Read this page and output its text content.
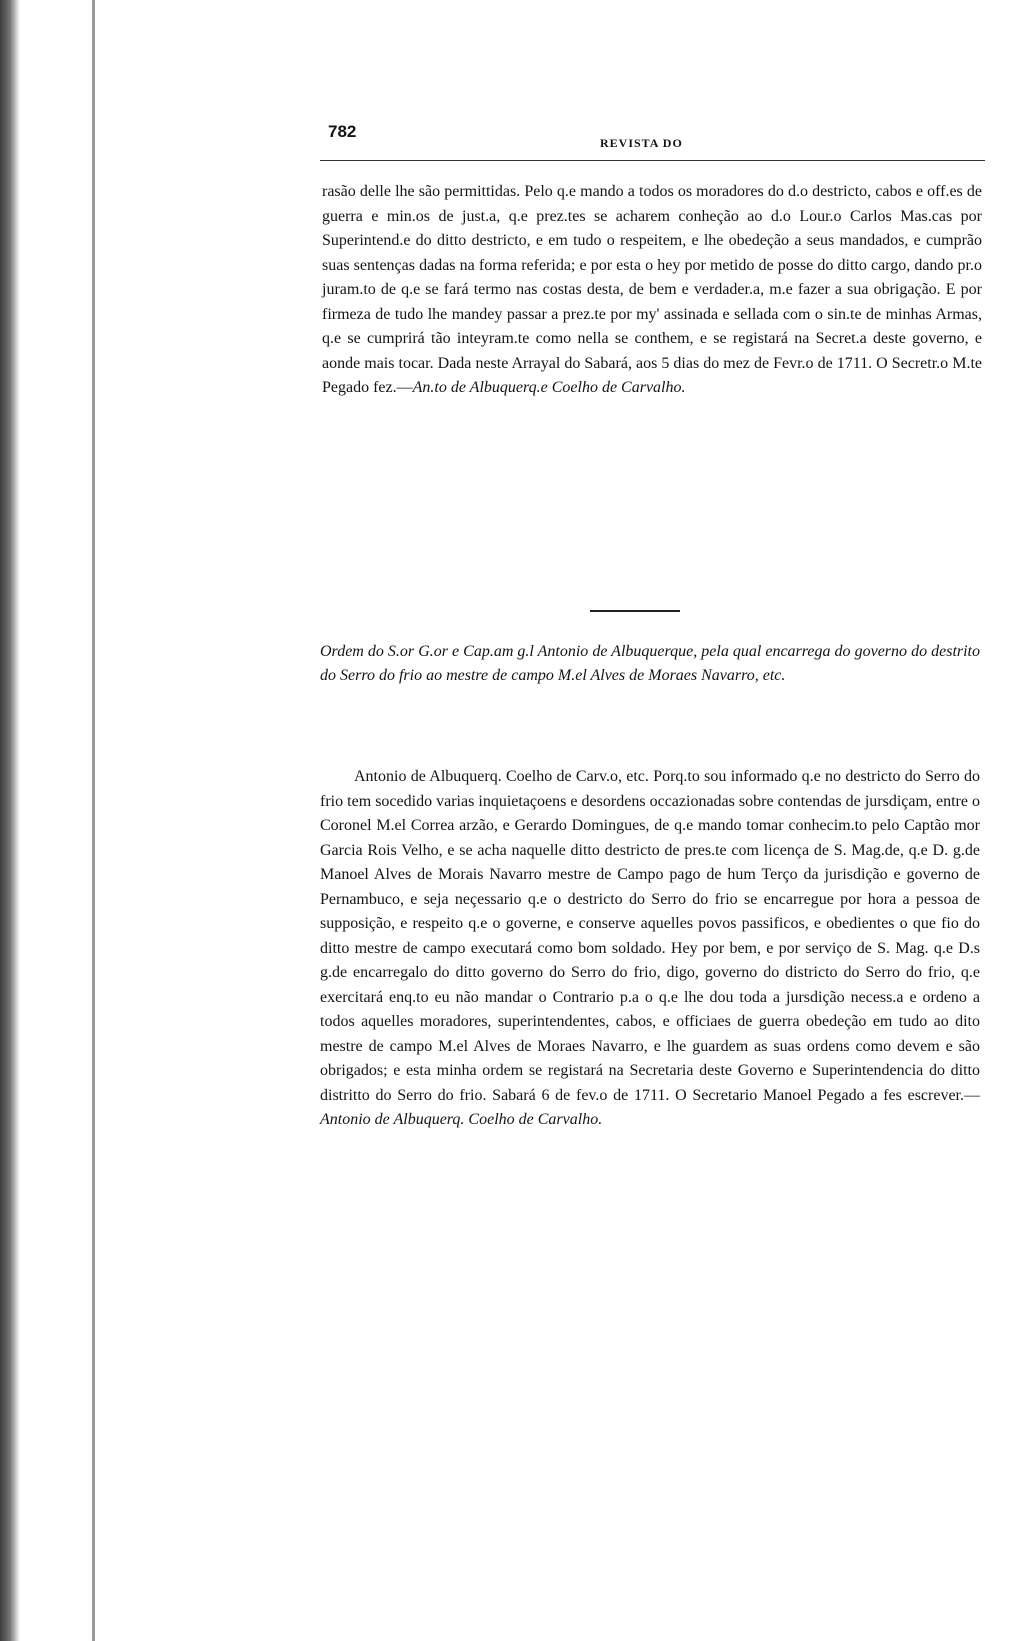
782
REVISTA DO

rasão delle lhe são permittidas. Pelo q.e mando a todos os moradores do d.o destricto, cabos e off.es de guerra e min.os de just.a, q.e prez.tes se acharem conheção ao d.o Lour.o Carlos Mas.cas por Superintend.e do ditto destricto, e em tudo o respeitem, e lhe obedeção a seus mandados, e cumprão suas sentenças dadas na forma referida; e por esta o hey por metido de posse do ditto cargo, dando pr.o juram.to de q.e se fará termo nas costas desta, de bem e verdader.a, m.e fazer a sua obrigação. E por firmeza de tudo lhe mandey passar a prez.te por my' assinada e sellada com o sin.te de minhas Armas, q.e se cumprirá tão inteyram.te como nella se conthem, e se registará na Secret.a deste governo, e aonde mais tocar. Dada neste Arrayal do Sabará, aos 5 dias do mez de Fevr.o de 1711. O Secretr.o M.te Pegado fez.—An.to de Albuquerq.e Coelho de Carvalho.

Ordem do S.or G.or e Cap.am g.l Antonio de Albuquerque, pela qual encarrega do governo do destrito do Serro do frio ao mestre de campo M.el Alves de Moraes Navarro, etc.

Antonio de Albuquerq. Coelho de Carv.o, etc. Porq.to sou informado q.e no destricto do Serro do frio tem socedido varias inquietaçoens e desordens occazionadas sobre contendas de jursdiçam, entre o Coronel M.el Correa arzão, e Gerardo Domingues, de q.e mando tomar conhecim.to pelo Captão mor Garcia Rois Velho, e se acha naquelle ditto destricto de pres.te com licença de S. Mag.de, q.e D. g.de Manoel Alves de Morais Navarro mestre de Campo pago de hum Terço da jurisdição e governo de Pernambuco, e seja neçessario q.e o destricto do Serro do frio se encarregue por hora a pessoa de supposição, e respeito q.e o governe, e conserve aquelles povos passificos, e obedientes o que fio do ditto mestre de campo executará como bom soldado. Hey por bem, e por serviço de S. Mag. q.e D.s g.de encarregalo do ditto governo do Serro do frio, digo, governo do districto do Serro do frio, q.e exercitará enq.to eu não mandar o Contrario p.a o q.e lhe dou toda a jursdição necess.a e ordeno a todos aquelles moradores, superintendentes, cabos, e officiaes de guerra obedeção em tudo ao dito mestre de campo M.el Alves de Moraes Navarro, e lhe guardem as suas ordens como devem e são obrigados; e esta minha ordem se registará na Secretaria deste Governo e Superintendencia do ditto distritto do Serro do frio. Sabará 6 de fev.o de 1711. O Secretario Manoel Pegado a fes escrever.—Antonio de Albuquerq. Coelho de Carvalho.
